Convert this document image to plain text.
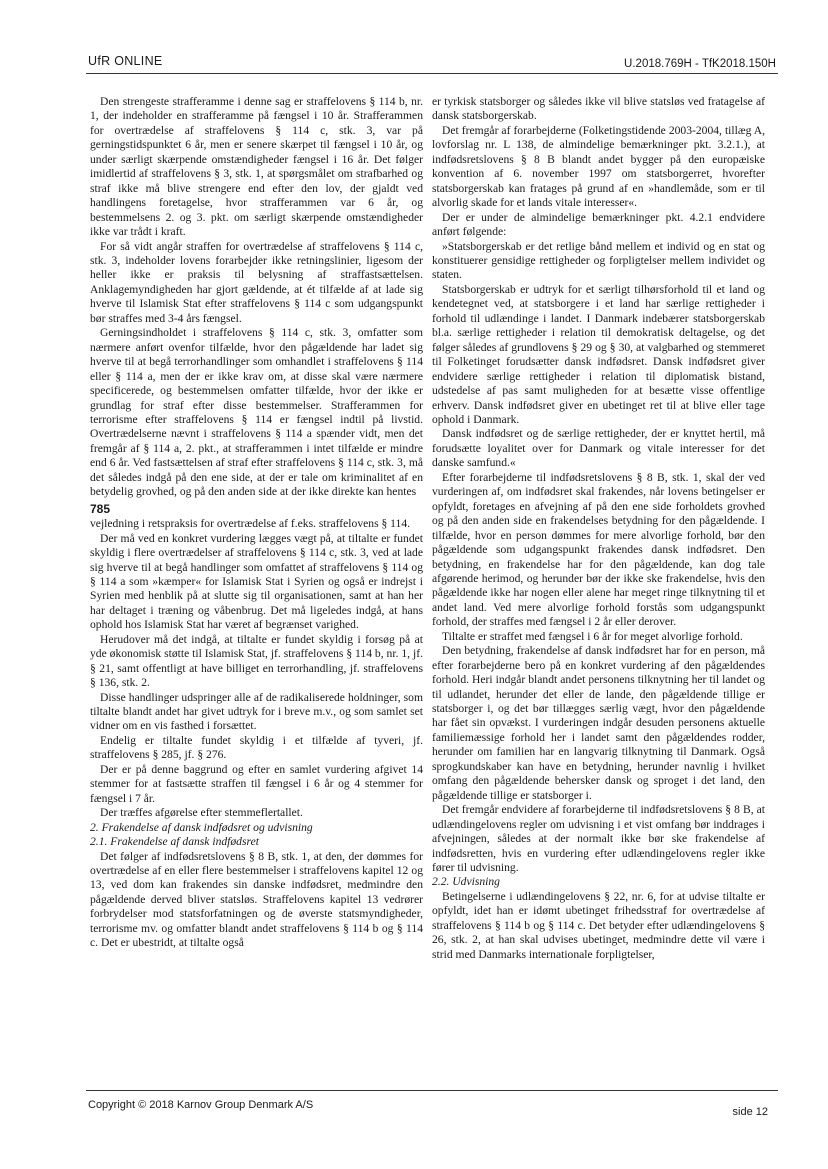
UfR ONLINE	U.2018.769H - TfK2018.150H

Den strengeste strafferamme i denne sag er straffelovens § 114 b, nr. 1, der indeholder en strafferamme på fængsel i 10 år. Strafferammen for overtrædelse af straffelovens § 114 c, stk. 3, var på gerningstidspunktet 6 år, men er senere skærpet til fængsel i 10 år, og under særligt skærpende omstændigheder fængsel i 16 år. Det følger imidlertid af straffelovens § 3, stk. 1, at spørgsmålet om strafbarhed og straf ikke må blive strengere end efter den lov, der gjaldt ved handlingens foretagelse, hvor strafferammen var 6 år, og bestemmelsens 2. og 3. pkt. om særligt skærpende omstændigheder ikke var trådt i kraft.

For så vidt angår straffen for overtrædelse af straffelovens § 114 c, stk. 3, indeholder lovens forarbejder ikke retningslinier, ligesom der heller ikke er praksis til belysning af straffastsættelsen. Anklagemyndigheden har gjort gældende, at ét tilfælde af at lade sig hverve til Islamisk Stat efter straffelovens § 114 c som udgangspunkt bør straffes med 3-4 års fængsel.

Gerningsindholdet i straffelovens § 114 c, stk. 3, omfatter som nærmere anført ovenfor tilfælde, hvor den pågældende har ladet sig hverve til at begå terrorhandlinger som omhandlet i straffelovens § 114 eller § 114 a, men der er ikke krav om, at disse skal være nærmere specificerede, og bestemmelsen omfatter tilfælde, hvor der ikke er grundlag for straf efter disse bestemmelser. Strafferammen for terrorisme efter straffelovens § 114 er fængsel indtil på livstid. Overtrædelserne nævnt i straffelovens § 114 a spænder vidt, men det fremgår af § 114 a, 2. pkt., at strafferammen i intet tilfælde er mindre end 6 år. Ved fastsættelsen af straf efter straffelovens § 114 c, stk. 3, må det således indgå på den ene side, at der er tale om kriminalitet af en betydelig grovhed, og på den anden side at der ikke direkte kan hentes

785

vejledning i retspraksis for overtrædelse af f.eks. straffelovens § 114.

Der må ved en konkret vurdering lægges vægt på, at tiltalte er fundet skyldig i flere overtrædelser af straffelovens § 114 c, stk. 3, ved at lade sig hverve til at begå handlinger som omfattet af straffelovens § 114 og § 114 a som »kæmper« for Islamisk Stat i Syrien og også er indrejst i Syrien med henblik på at slutte sig til organisationen, samt at han her har deltaget i træning og våbenbrug. Det må ligeledes indgå, at hans ophold hos Islamisk Stat har været af begrænset varighed.

Herudover må det indgå, at tiltalte er fundet skyldig i forsøg på at yde økonomisk støtte til Islamisk Stat, jf. straffelovens § 114 b, nr. 1, jf. § 21, samt offentligt at have billiget en terrorhandling, jf. straffelovens § 136, stk. 2.

Disse handlinger udspringer alle af de radikaliserede holdninger, som tiltalte blandt andet har givet udtryk for i breve m.v., og som samlet set vidner om en vis fasthed i forsættet.

Endelig er tiltalte fundet skyldig i et tilfælde af tyveri, jf. straffelovens § 285, jf. § 276.

Der er på denne baggrund og efter en samlet vurdering afgivet 14 stemmer for at fastsætte straffen til fængsel i 6 år og 4 stemmer for fængsel i 7 år.

Der træffes afgørelse efter stemmeflertallet.

2. Frakendelse af dansk indfødsret og udvisning

2.1. Frakendelse af dansk indfødsret

Det følger af indfødsretslovens § 8 B, stk. 1, at den, der dømmes for overtrædelse af en eller flere bestemmelser i straffelovens kapitel 12 og 13, ved dom kan frakendes sin danske indfødsret, medmindre den pågældende derved bliver statsløs. Straffelovens kapitel 13 vedrører forbrydelser mod statsforfatningen og de øverste statsmyndigheder, terrorisme mv. og omfatter blandt andet straffelovens § 114 b og § 114 c. Det er ubestridt, at tiltalte også

er tyrkisk statsborger og således ikke vil blive statsløs ved fratagelse af dansk statsborgerskab.

Det fremgår af forarbejderne (Folketingstidende 2003-2004, tillæg A, lovforslag nr. L 138, de almindelige bemærkninger pkt. 3.2.1.), at indfødsretslovens § 8 B blandt andet bygger på den europæiske konvention af 6. november 1997 om statsborgerret, hvorefter statsborgerskab kan fratages på grund af en »handlemåde, som er til alvorlig skade for et lands vitale interesser«.

Der er under de almindelige bemærkninger pkt. 4.2.1 endvidere anført følgende:

»Statsborgerskab er det retlige bånd mellem et individ og en stat og konstituerer gensidige rettigheder og forpligtelser mellem individet og staten.

Statsborgerskab er udtryk for et særligt tilhørsforhold til et land og kendetegnet ved, at statsborgere i et land har særlige rettigheder i forhold til udlændinge i landet. I Danmark indebærer statsborgerskab bl.a. særlige rettigheder i relation til demokratisk deltagelse, og det følger således af grundlovens § 29 og § 30, at valgbarhed og stemmeret til Folketinget forudsætter dansk indfødsret. Dansk indfødsret giver endvidere særlige rettigheder i relation til diplomatisk bistand, udstedelse af pas samt muligheden for at besætte visse offentlige erhverv. Dansk indfødsret giver en ubetinget ret til at blive eller tage ophold i Danmark.

Dansk indfødsret og de særlige rettigheder, der er knyttet hertil, må forudsætte loyalitet over for Danmark og vitale interesser for det danske samfund.«

Efter forarbejderne til indfødsretslovens § 8 B, stk. 1, skal der ved vurderingen af, om indfødsret skal frakendes, når lovens betingelser er opfyldt, foretages en afvejning af på den ene side forholdets grovhed og på den anden side en frakendelses betydning for den pågældende. I tilfælde, hvor en person dømmes for mere alvorlige forhold, bør den pågældende som udgangspunkt frakendes dansk indfødsret. Den betydning, en frakendelse har for den pågældende, kan dog tale afgørende herimod, og herunder bør der ikke ske frakendelse, hvis den pågældende ikke har nogen eller alene har meget ringe tilknytning til et andet land. Ved mere alvorlige forhold forstås som udgangspunkt forhold, der straffes med fængsel i 2 år eller derover.

Tiltalte er straffet med fængsel i 6 år for meget alvorlige forhold.

Den betydning, frakendelse af dansk indfødsret har for en person, må efter forarbejderne bero på en konkret vurdering af den pågældendes forhold. Heri indgår blandt andet personens tilknytning her til landet og til udlandet, herunder det eller de lande, den pågældende tillige er statsborger i, og det bør tillægges særlig vægt, hvor den pågældende har fået sin opvækst. I vurderingen indgår desuden personens aktuelle familiemæssige forhold her i landet samt den pågældendes rodder, herunder om familien har en langvarig tilknytning til Danmark. Også sprogkundskaber kan have en betydning, herunder navnlig i hvilket omfang den pågældende behersker dansk og sproget i det land, den pågældende tillige er statsborger i.

Det fremgår endvidere af forarbejderne til indfødsretslovens § 8 B, at udlændingelovens regler om udvisning i et vist omfang bør inddrages i afvejningen, således at der normalt ikke bør ske frakendelse af indfødsretten, hvis en vurdering efter udlændingelovens regler ikke fører til udvisning.

2.2. Udvisning

Betingelserne i udlændingelovens § 22, nr. 6, for at udvise tiltalte er opfyldt, idet han er idømt ubetinget frihedsstraf for overtrædelse af straffelovens § 114 b og § 114 c. Det betyder efter udlændingelovens § 26, stk. 2, at han skal udvises ubetinget, medmindre dette vil være i strid med Danmarks internationale forpligtelser,

Copyright © 2018 Karnov Group Denmark A/S
side 12
